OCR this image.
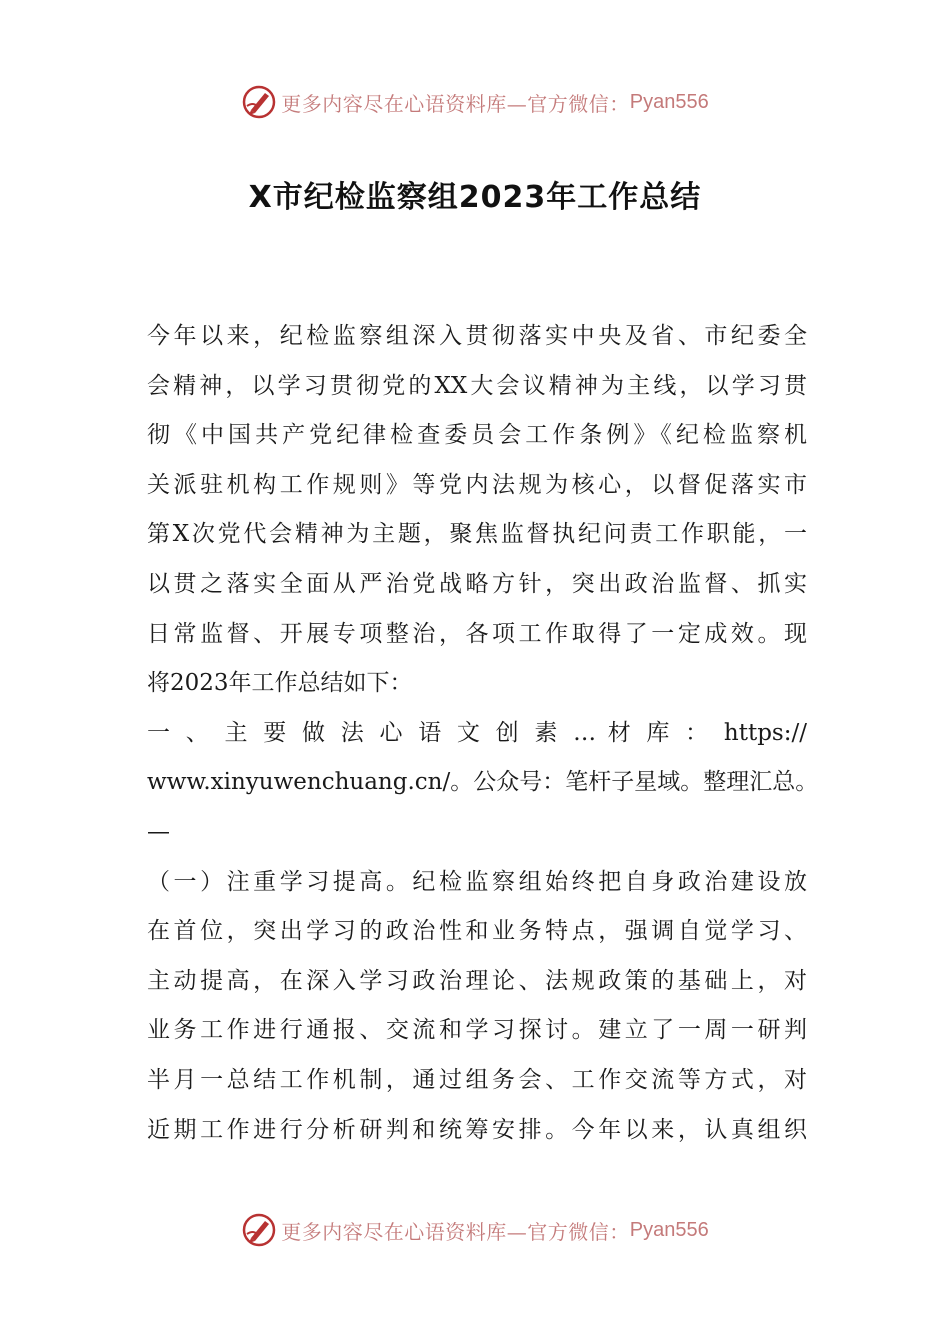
更多内容尽在心语资料库—官方微信： Pyan556
X市纪检监察组2023年工作总结
今年以来，纪检监察组深入贯彻落实中央及省、市纪委全
会精神，以学习贯彻党的XX大会议精神为主线，以学习贯
彻《中国共产党纪律检查委员会工作条例》《纪检监察机
关派驻机构工作规则》等党内法规为核心，以督促落实市
第X次党代会精神为主题，聚焦监督执纪问责工作职能，一
以贯之落实全面从严治党战略方针，突出政治监督、抓实
日常监督、开展专项整治，各项工作取得了一定成效。现
将2023年工作总结如下：
一 、 主 要 做 法 心 语 文 创 素 … 材 库 ： https://
www.xinyuwenchuang.cn/。公众号：笔杆子星域。整理汇总。
—
（一）注重学习提高。纪检监察组始终把自身政治建设放
在首位，突出学习的政治性和业务特点，强调自觉学习、
主动提高，在深入学习政治理论、法规政策的基础上，对
业务工作进行通报、交流和学习探讨。建立了一周一研判
半月一总结工作机制，通过组务会、工作交流等方式，对
近期工作进行分析研判和统筹安排。今年以来，认真组织
更多内容尽在心语资料库—官方微信： Pyan556
